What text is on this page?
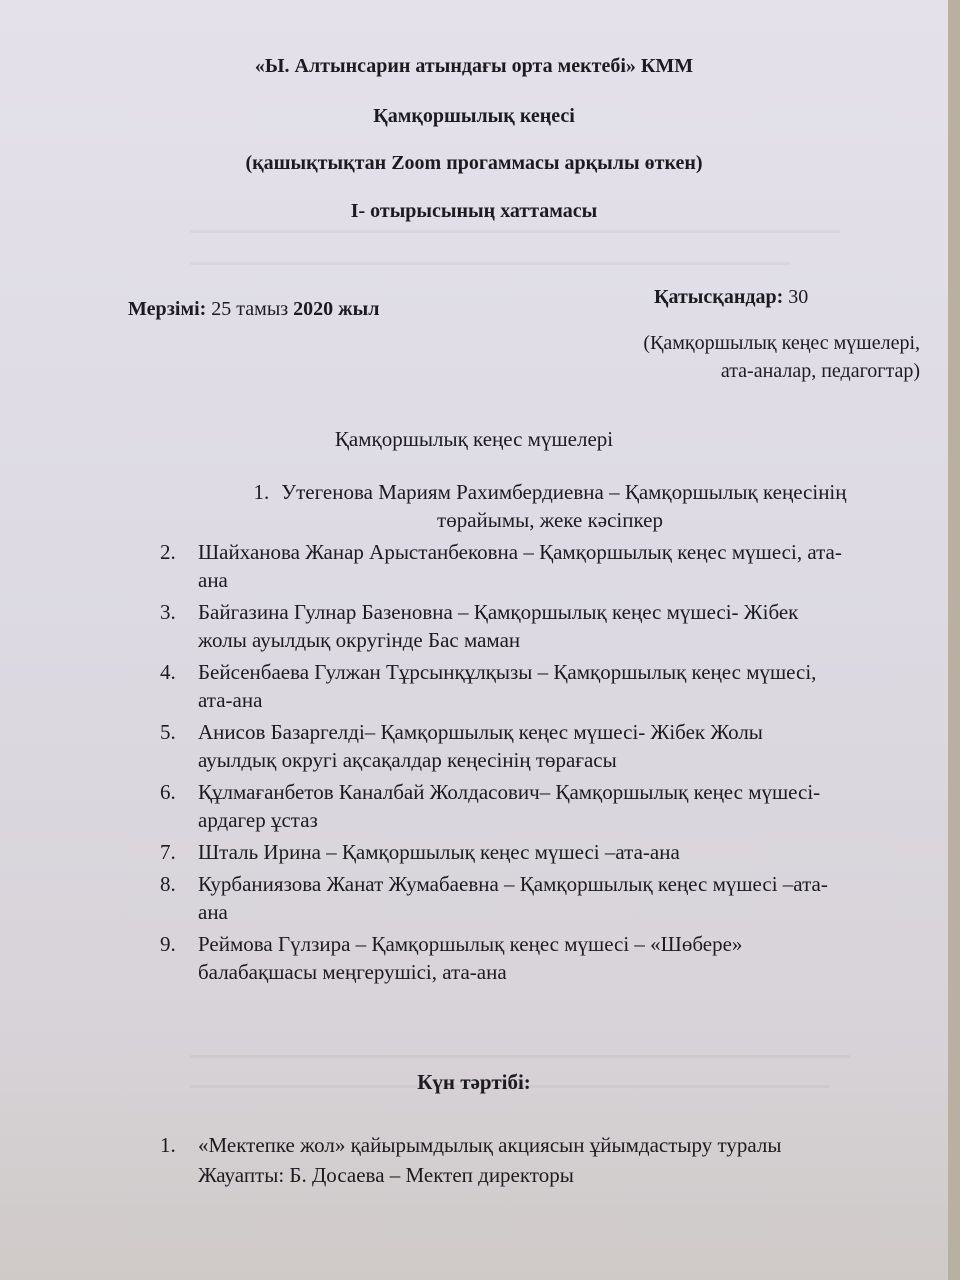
«Ы. Алтынсарин атындағы орта мектебі» КММ
Қамқоршылық кеңесі
(қашықтықтан Zoom прогаммасы арқылы өткен)
І- отырысының хаттамасы
Мерзімі: 25 тамыз 2020 жыл
Қатысқандар: 30
(Қамқоршылық кеңес мүшелері,
ата-аналар, педагогтар)
Қамқоршылық кеңес мүшелері
1. Утегенова Мариям Рахимбердиевна – Қамқоршылық кеңесінің
төрайымы, жеке кәсіпкер
2. Шайханова Жанар Арыстанбековна – Қамқоршылық кеңес мүшесі, ата-
ана
3. Байгазина Гулнар Базеновна – Қамқоршылық кеңес мүшесі- Жібек
жолы ауылдық округінде Бас маман
4. Бейсенбаева Гулжан Тұрсынқұлқызы – Қамқоршылық кеңес мүшесі,
ата-ана
5. Анисов Базаргелді– Қамқоршылық кеңес мүшесі- Жібек Жолы
ауылдық округі ақсақалдар кеңесінің төрағасы
6. Құлмағанбетов Каналбай Жолдасович– Қамқоршылық кеңес мүшесі-
ардагер ұстаз
7. Шталь Ирина – Қамқоршылық кеңес мүшесі –ата-ана
8. Курбаниязова Жанат Жумабаевна – Қамқоршылық кеңес мүшесі –ата-
ана
9. Реймова Гүлзира – Қамқоршылық кеңес мүшесі – «Шөбере»
балабақшасы меңгерушісі, ата-ана
Күн тәртібі:
1. «Мектепке жол» қайырымдылық акциясын ұйымдастыру туралы
Жауапты: Б. Досаева – Мектеп директоры
